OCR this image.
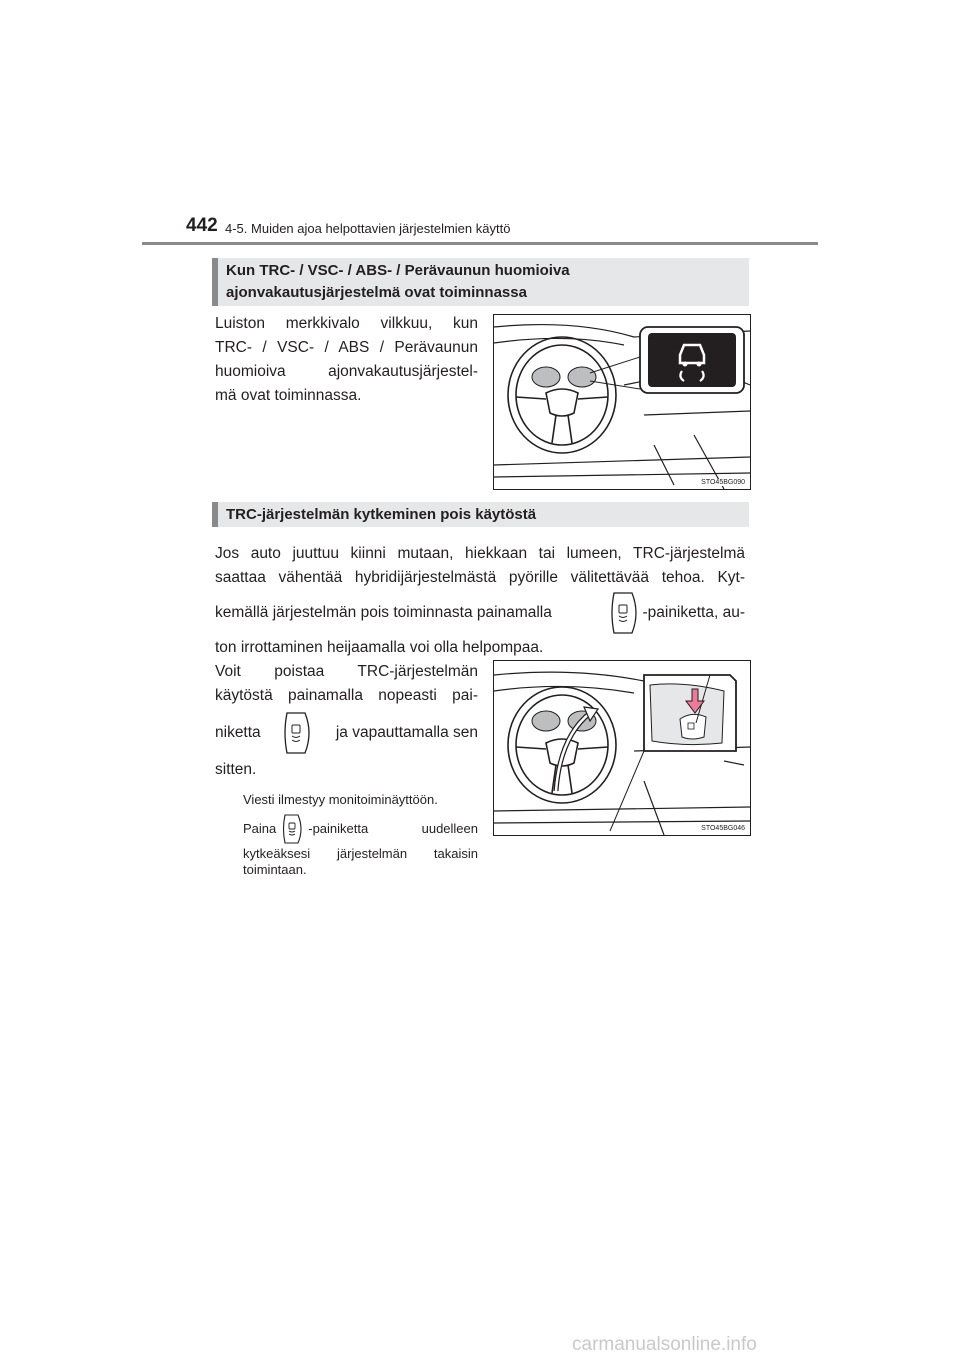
442 4-5. Muiden ajoa helpottavien järjestelmien käyttö
Kun TRC- / VSC- / ABS- / Perävaunun huomioiva
ajonvakautusjärjestelmä ovat toiminnassa
Luiston merkkivalo vilkkuu, kun
TRC- / VSC- / ABS / Perävaunun
huomioiva ajonvakautusjärjestel-
mä ovat toiminnassa.
STO45BG090
TRC-järjestelmän kytkeminen pois käytöstä
Jos auto juuttuu kiinni mutaan, hiekkaan tai lumeen, TRC-järjestelmä
saattaa vähentää hybridijärjestelmästä pyörille välitettävää tehoa. Kyt-
kemällä järjestelmän pois toiminnasta painamalla	-painiketta, au-
ton irrottaminen heijaamalla voi olla helpompaa.
Voit poistaa TRC-järjestelmän
käytöstä painamalla nopeasti pai-
niketta	ja vapauttamalla sen
sitten.
Viesti ilmestyy monitoiminäyttöön.
Paina -painiketta uudelleen
kytkeäksesi järjestelmän takaisin
toimintaan.
STO45BG046
carmanualsonline.info
